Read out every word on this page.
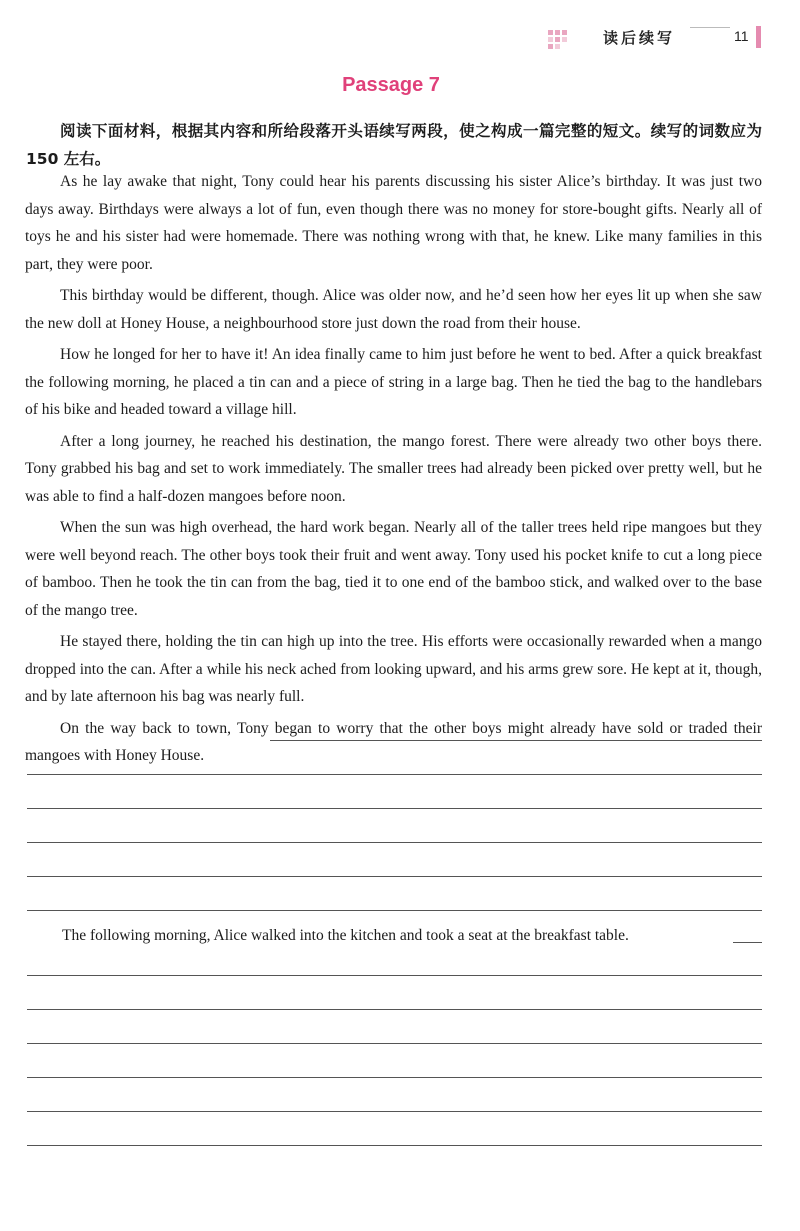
读后续写	11
Passage 7

阅读下面材料，根据其内容和所给段落开头语续写两段，使之构成一篇完整的短文。续写的词数应为 150 左右。

As he lay awake that night, Tony could hear his parents discussing his sister Alice’s birthday. It was just two days away. Birthdays were always a lot of fun, even though there was no money for store-bought gifts. Nearly all of toys he and his sister had were homemade. There was nothing wrong with that, he knew. Like many families in this part, they were poor.

This birthday would be different, though. Alice was older now, and he’d seen how her eyes lit up when she saw the new doll at Honey House, a neighbourhood store just down the road from their house.

How he longed for her to have it! An idea finally came to him just before he went to bed. After a quick breakfast the following morning, he placed a tin can and a piece of string in a large bag. Then he tied the bag to the handlebars of his bike and headed toward a village hill.

After a long journey, he reached his destination, the mango forest. There were already two other boys there. Tony grabbed his bag and set to work immediately. The smaller trees had already been picked over pretty well, but he was able to find a half-dozen mangoes before noon.

When the sun was high overhead, the hard work began. Nearly all of the taller trees held ripe mangoes but they were well beyond reach. The other boys took their fruit and went away. Tony used his pocket knife to cut a long piece of bamboo. Then he took the tin can from the bag, tied it to one end of the bamboo stick, and walked over to the base of the mango tree.

He stayed there, holding the tin can high up into the tree. His efforts were occasionally rewarded when a mango dropped into the can. After a while his neck ached from looking upward, and his arms grew sore. He kept at it, though, and by late afternoon his bag was nearly full.

On the way back to town, Tony began to worry that the other boys might already have sold or traded their mangoes with Honey House.

The following morning, Alice walked into the kitchen and took a seat at the breakfast table.
